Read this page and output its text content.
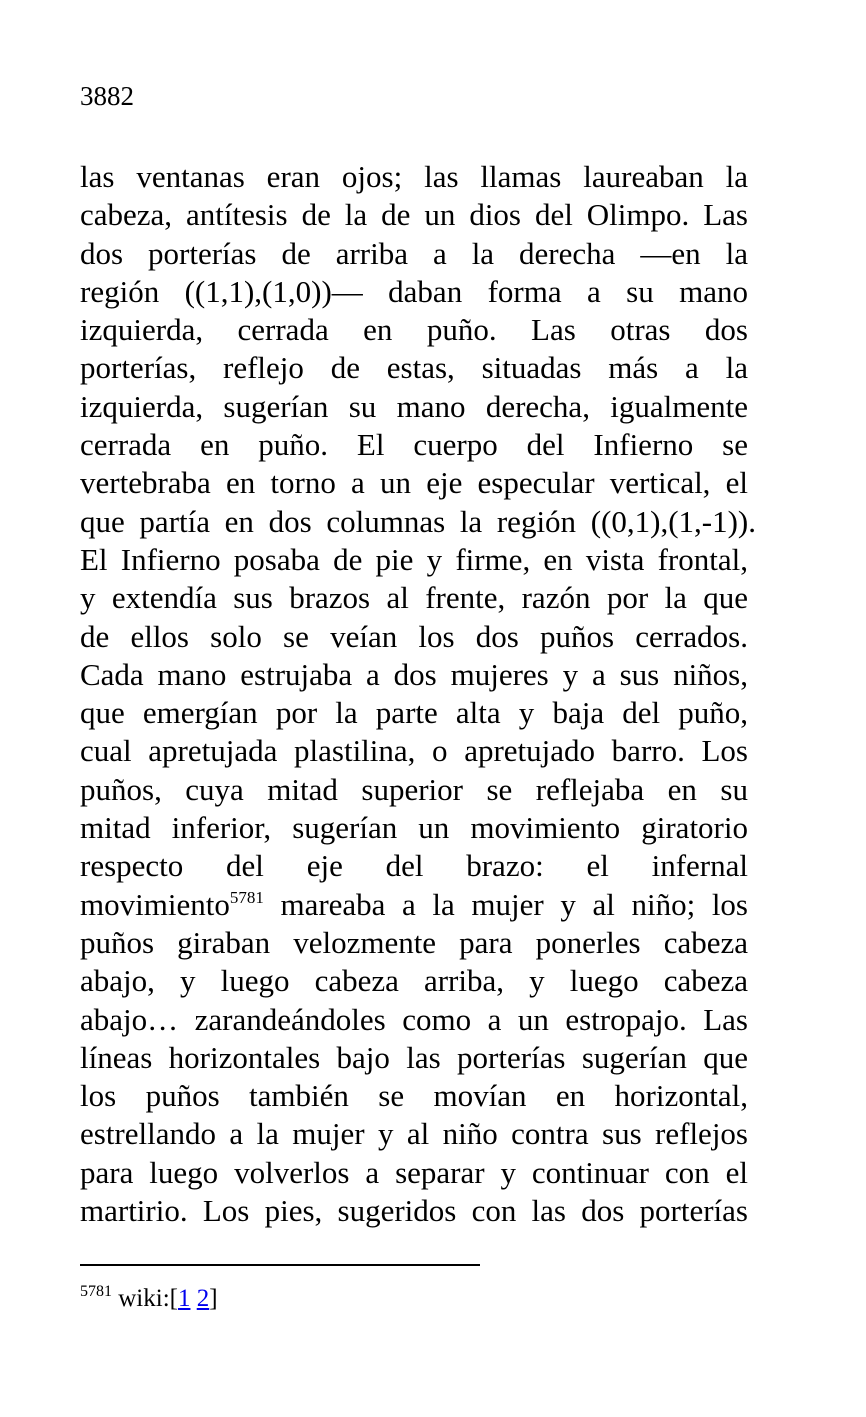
3882
las ventanas eran ojos; las llamas laureaban la
cabeza, antítesis de la de un dios del Olimpo. Las
dos porterías de arriba a la derecha —en la
región ((1,1),(1,0))— daban forma a su mano
izquierda, cerrada en puño. Las otras dos
porterías, reflejo de estas, situadas más a la
izquierda, sugerían su mano derecha, igualmente
cerrada en puño. El cuerpo del Infierno se
vertebraba en torno a un eje especular vertical, el
que partía en dos columnas la región ((0,1),(1,-1)).
El Infierno posaba de pie y firme, en vista frontal,
y extendía sus brazos al frente, razón por la que
de ellos solo se veían los dos puños cerrados.
Cada mano estrujaba a dos mujeres y a sus niños,
que emergían por la parte alta y baja del puño,
cual apretujada plastilina, o apretujado barro. Los
puños, cuya mitad superior se reflejaba en su
mitad inferior, sugerían un movimiento giratorio
respecto del eje del brazo: el infernal
movimiento$^{5781}$ mareaba a la mujer y al niño; los
puños giraban velozmente para ponerles cabeza
abajo, y luego cabeza arriba, y luego cabeza
abajo… zarandeándoles como a un estropajo. Las
líneas horizontales bajo las porterías sugerían que
los puños también se movían en horizontal,
estrellando a la mujer y al niño contra sus reflejos
para luego volverlos a separar y continuar con el
martirio. Los pies, sugeridos con las dos porterías
$^{5781}$ wiki:[1 2]
